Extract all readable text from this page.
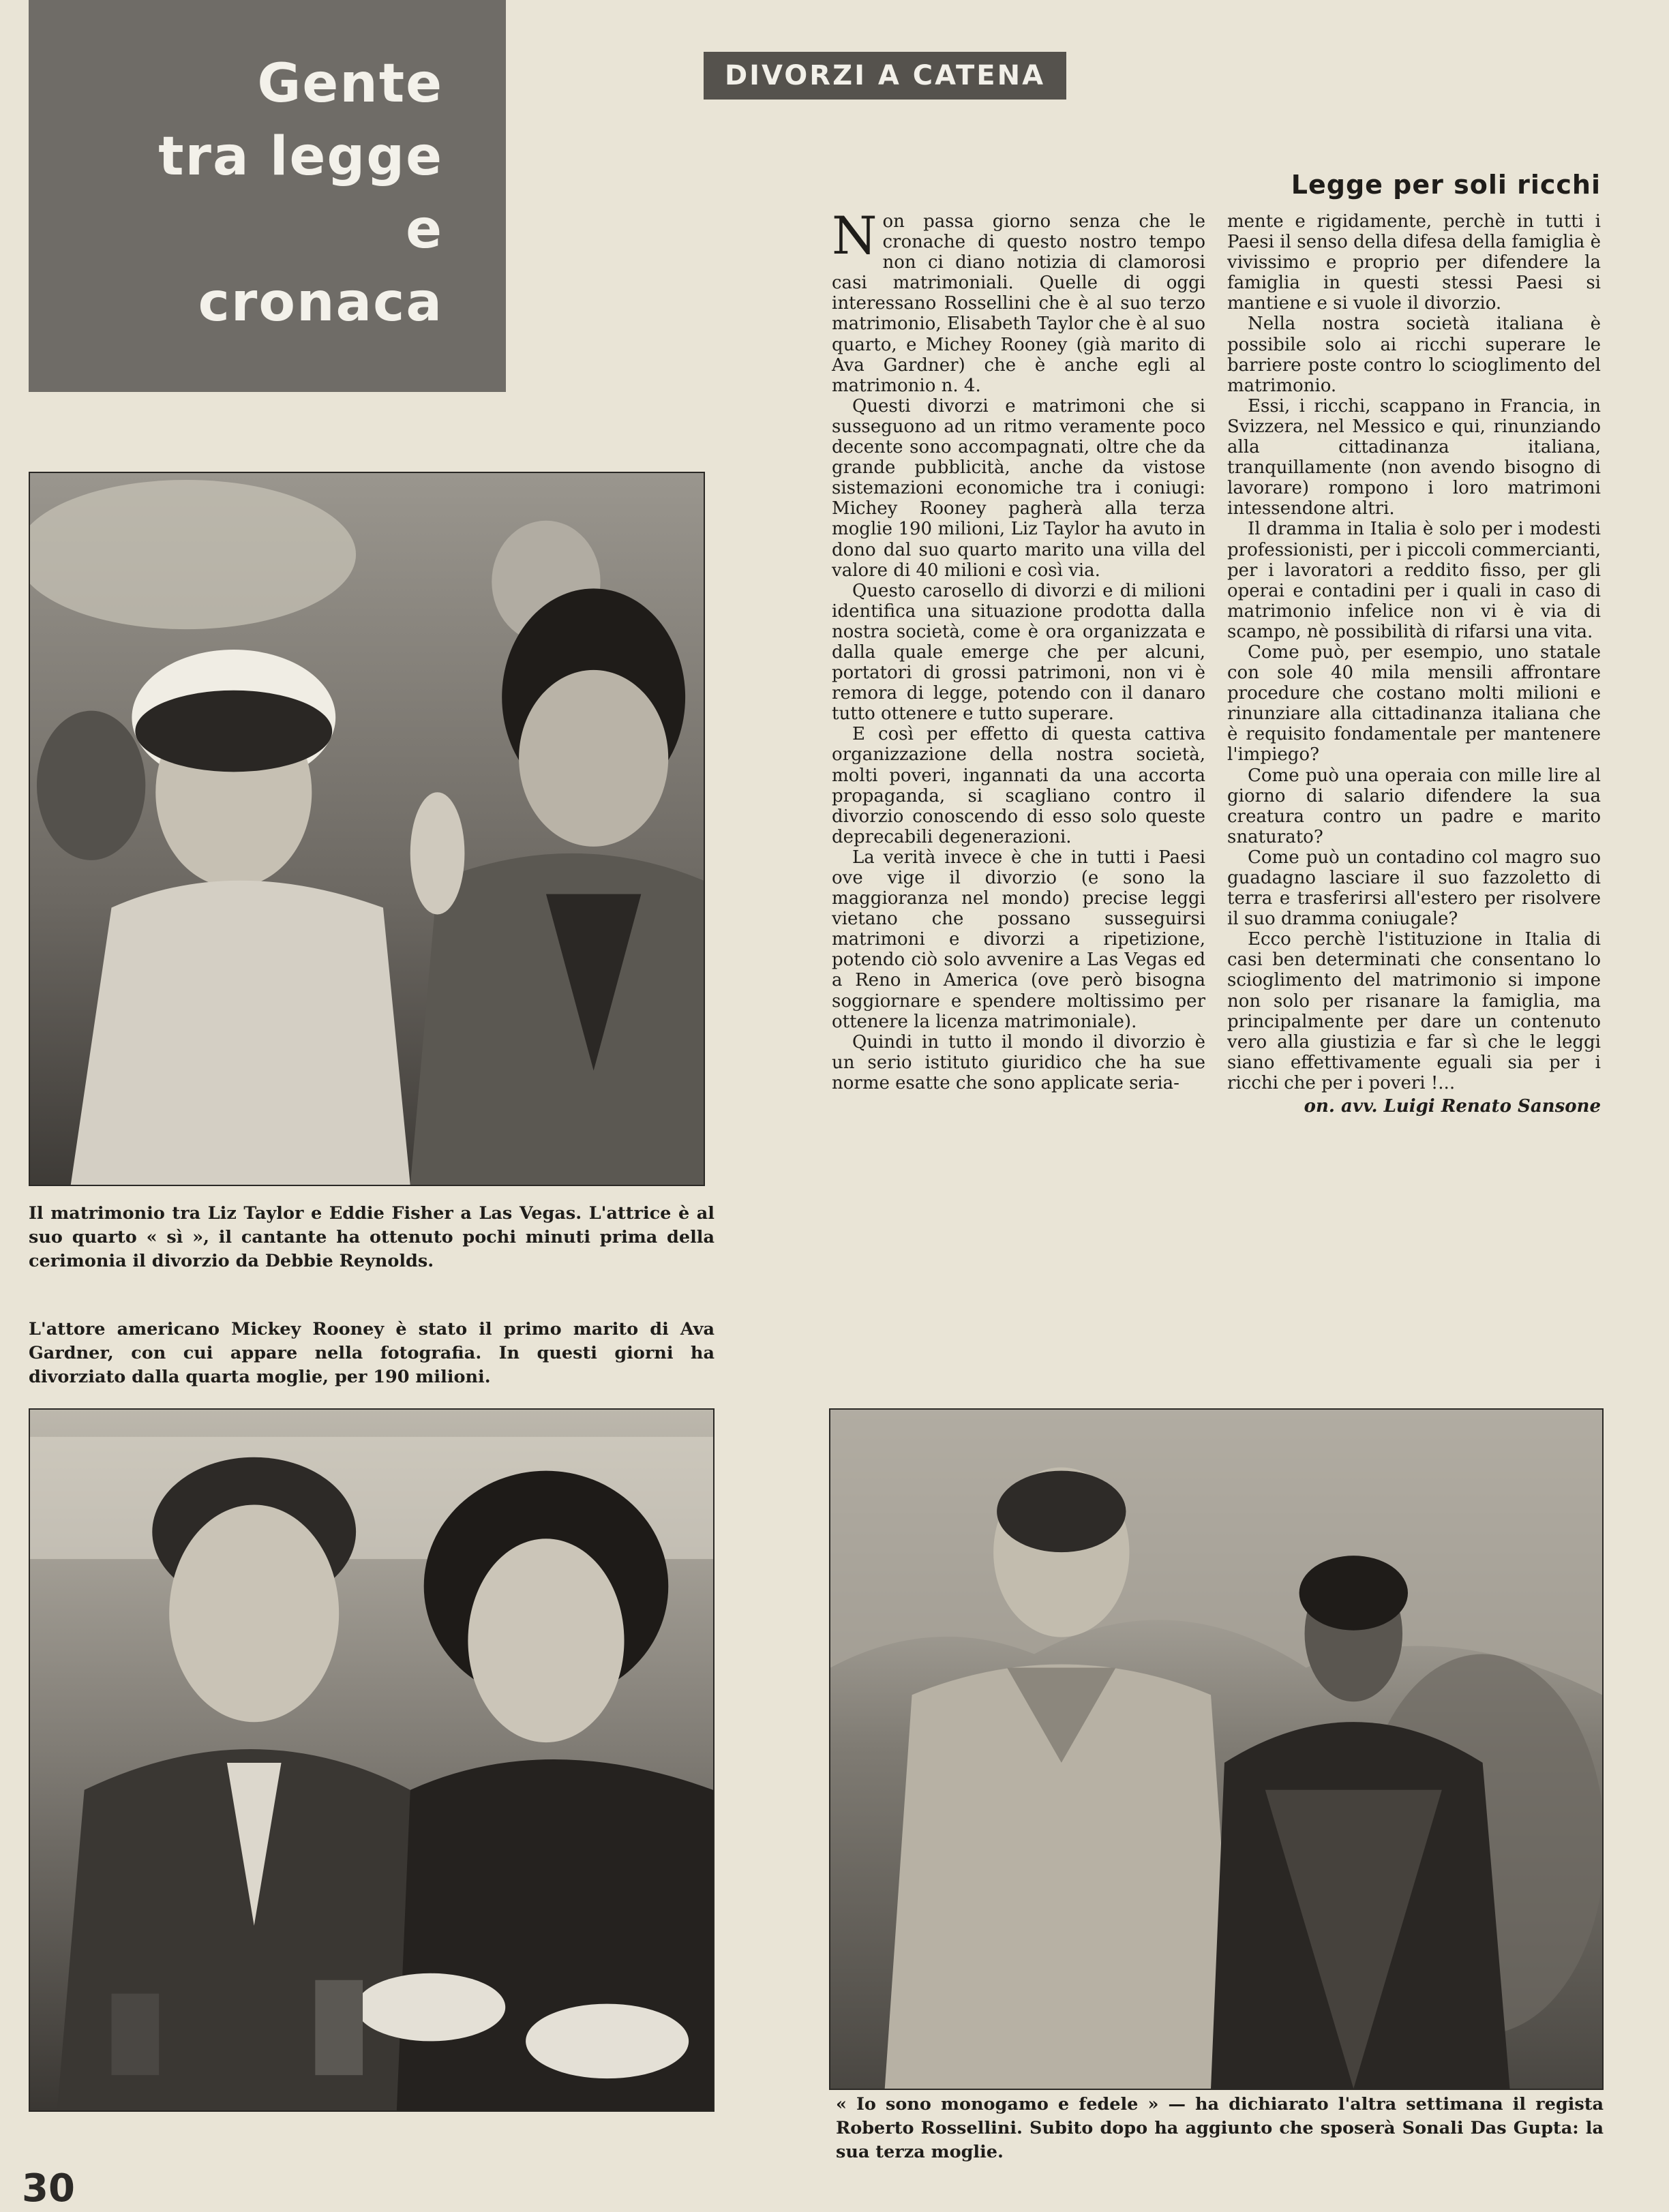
Gente
tra legge
e
cronaca
DIVORZI A CATENA
Legge per soli ricchi

Non passa giorno senza che le cronache di questo nostro tempo non ci diano notizia di clamorosi casi matrimoniali. Quelle di oggi interessano Rossellini che è al suo terzo matrimonio, Elisabeth Taylor che è al suo quarto, e Michey Rooney (già marito di Ava Gardner) che è anche egli al matrimonio n. 4.

Questi divorzi e matrimoni che si susseguono ad un ritmo veramente poco decente sono accompagnati, oltre che da grande pubblicità, anche da vistose sistemazioni economiche tra i coniugi: Michey Rooney pagherà alla terza moglie 190 milioni, Liz Taylor ha avuto in dono dal suo quarto marito una villa del valore di 40 milioni e così via.

Questo carosello di divorzi e di milioni identifica una situazione prodotta dalla nostra società, come è ora organizzata e dalla quale emerge che per alcuni, portatori di grossi patrimoni, non vi è remora di legge, potendo con il danaro tutto ottenere e tutto superare.

E così per effetto di questa cattiva organizzazione della nostra società, molti poveri, ingannati da una accorta propaganda, si scagliano contro il divorzio conoscendo di esso solo queste deprecabili degenerazioni.

La verità invece è che in tutti i Paesi ove vige il divorzio (e sono la maggioranza nel mondo) precise leggi vietano che possano susseguirsi matrimoni e divorzi a ripetizione, potendo ciò solo avvenire a Las Vegas ed a Reno in America (ove però bisogna soggiornare e spendere moltissimo per ottenere la licenza matrimoniale).

Quindi in tutto il mondo il divorzio è un serio istituto giuridico che ha sue norme esatte che sono applicate seria-

mente e rigidamente, perchè in tutti i Paesi il senso della difesa della famiglia è vivissimo e proprio per difendere la famiglia in questi stessi Paesi si mantiene e si vuole il divorzio.

Nella nostra società italiana è possibile solo ai ricchi superare le barriere poste contro lo scioglimento del matrimonio.

Essi, i ricchi, scappano in Francia, in Svizzera, nel Messico e qui, rinunziando alla cittadinanza italiana, tranquillamente (non avendo bisogno di lavorare) rompono i loro matrimoni intessendone altri.

Il dramma in Italia è solo per i modesti professionisti, per i piccoli commercianti, per i lavoratori a reddito fisso, per gli operai e contadini per i quali in caso di matrimonio infelice non vi è via di scampo, nè possibilità di rifarsi una vita.

Come può, per esempio, uno statale con sole 40 mila mensili affrontare procedure che costano molti milioni e rinunziare alla cittadinanza italiana che è requisito fondamentale per mantenere l'impiego?

Come può una operaia con mille lire al giorno di salario difendere la sua creatura contro un padre e marito snaturato?

Come può un contadino col magro suo guadagno lasciare il suo fazzoletto di terra e trasferirsi all'estero per risolvere il suo dramma coniugale?

Ecco perchè l'istituzione in Italia di casi ben determinati che consentano lo scioglimento del matrimonio si impone non solo per risanare la famiglia, ma principalmente per dare un contenuto vero alla giustizia e far sì che le leggi siano effettivamente eguali sia per i ricchi che per i poveri !...

on. avv. Luigi Renato Sansone

Il matrimonio tra Liz Taylor e Eddie Fisher a Las Vegas. L'attrice è al suo quarto « sì », il cantante ha ottenuto pochi minuti prima della cerimonia il divorzio da Debbie Reynolds.

L'attore americano Mickey Rooney è stato il primo marito di Ava Gardner, con cui appare nella fotografia. In questi giorni ha divorziato dalla quarta moglie, per 190 milioni.

« Io sono monogamo e fedele » — ha dichiarato l'altra settimana il regista Roberto Rossellini. Subito dopo ha aggiunto che sposerà Sonali Das Gupta: la sua terza moglie.

30
